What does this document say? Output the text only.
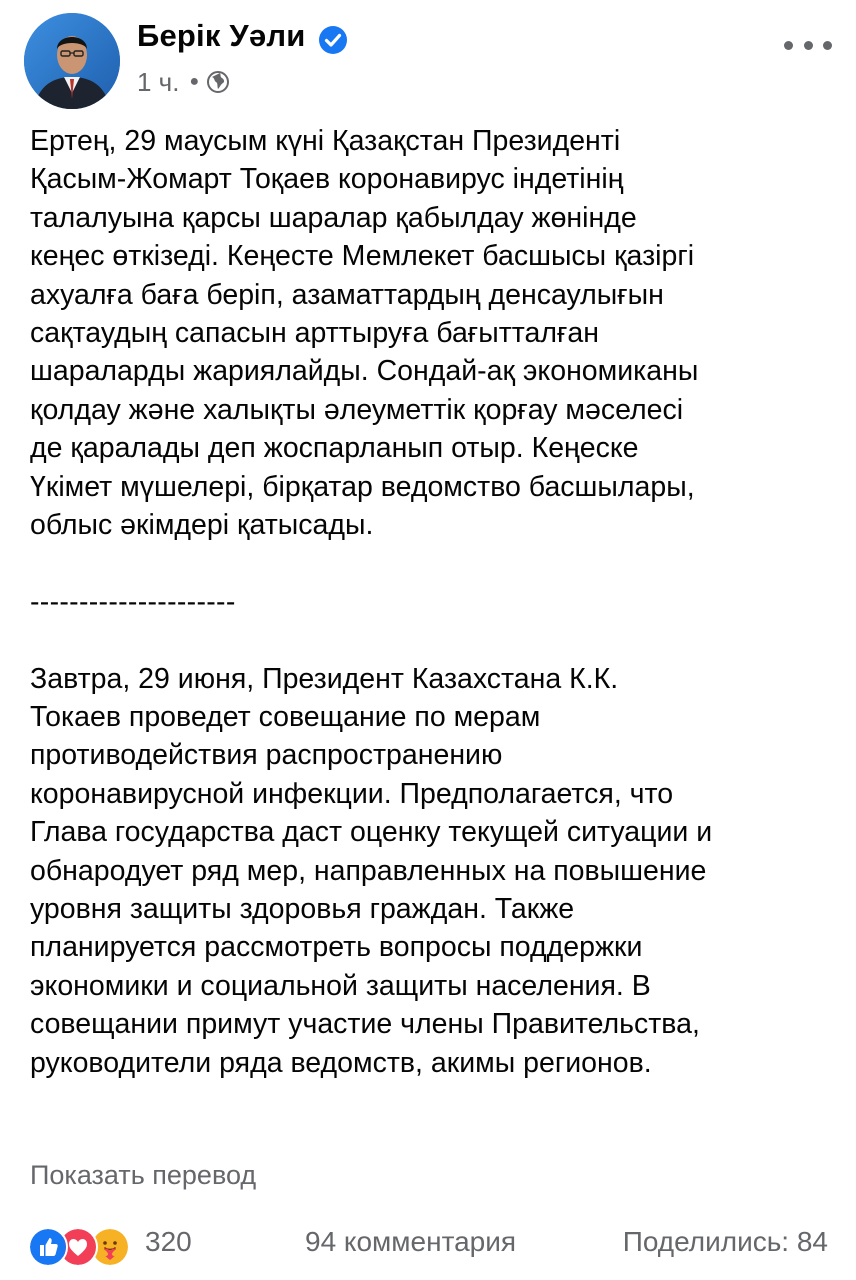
Берік Уәли
1 ч. ●

Ертең, 29 маусым күні Қазақстан Президенті
Қасым-Жомарт Тоқаев коронавирус індетінің
талалуына қарсы шаралар қабылдау жөнінде
кеңес өткізеді. Кеңесте Мемлекет басшысы қазіргі
ахуалға баға беріп, азаматтардың денсаулығын
сақтаудың сапасын арттыруға бағытталған
шараларды жариялайды. Сондай-ақ экономиканы
қолдау және халықты әлеуметтік қорғау мәселесі
де қаралады деп жоспарланып отыр. Кеңеске
Үкімет мүшелері, бірқатар ведомство басшылары,
облыс әкімдері қатысады.

---------------------

Завтра, 29 июня, Президент Казахстана К.К.
Токаев проведет совещание по мерам
противодействия распространению
коронавирусной инфекции. Предполагается, что
Глава государства даст оценку текущей ситуации и
обнародует ряд мер, направленных на повышение
уровня защиты здоровья граждан. Также
планируется рассмотреть вопросы поддержки
экономики и социальной защиты населения. В
совещании примут участие члены Правительства,
руководители ряда ведомств, акимы регионов.

Показать перевод
320	94 комментария	Поделились: 84
